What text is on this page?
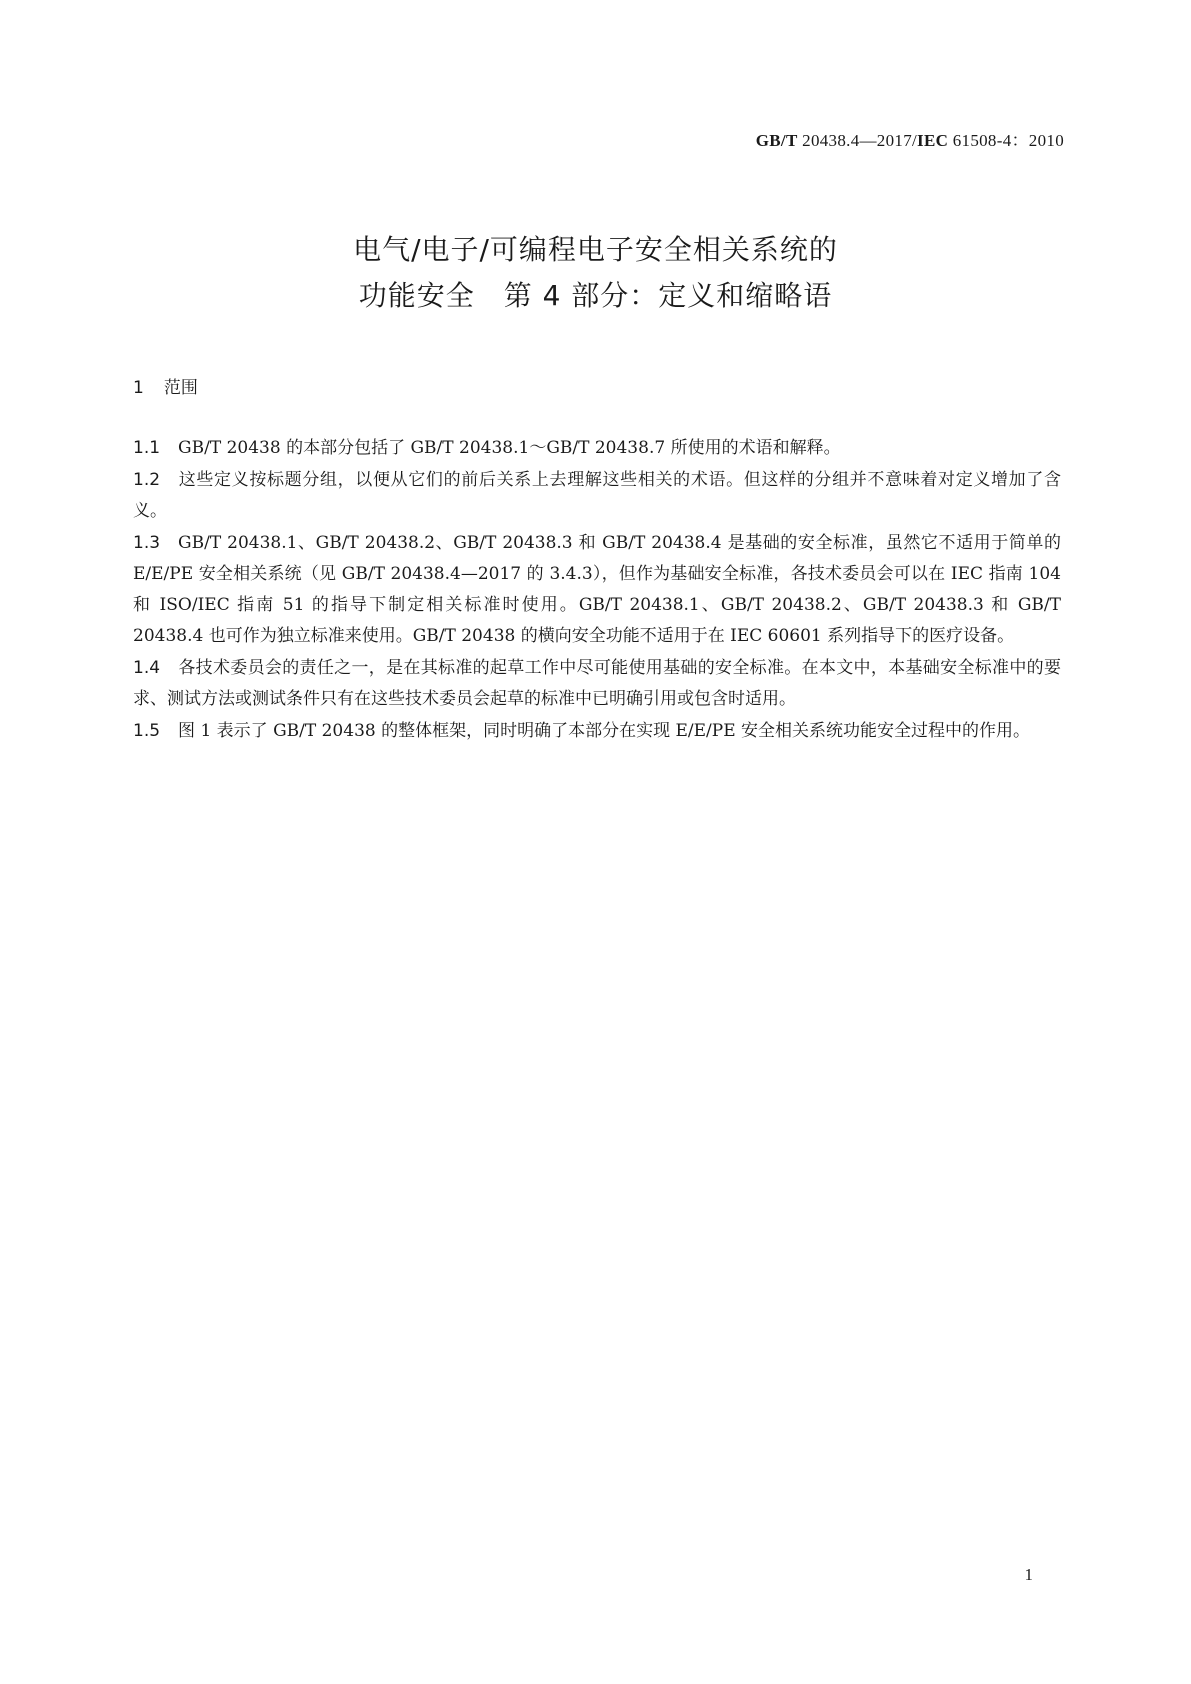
GB/T 20438.4—2017/IEC 61508-4：2010
电气/电子/可编程电子安全相关系统的
功能安全　第 4 部分：定义和缩略语
1 范围

1.1 GB/T 20438 的本部分包括了 GB/T 20438.1～GB/T 20438.7 所使用的术语和解释。

1.2 这些定义按标题分组，以便从它们的前后关系上去理解这些相关的术语。但这样的分组并不意味着对定义增加了含义。

1.3 GB/T 20438.1、GB/T 20438.2、GB/T 20438.3 和 GB/T 20438.4 是基础的安全标准，虽然它不适用于简单的 E/E/PE 安全相关系统（见 GB/T 20438.4—2017 的 3.4.3），但作为基础安全标准，各技术委员会可以在 IEC 指南 104 和 ISO/IEC 指南 51 的指导下制定相关标准时使用。GB/T 20438.1、GB/T 20438.2、GB/T 20438.3 和 GB/T 20438.4 也可作为独立标准来使用。GB/T 20438 的横向安全功能不适用于在 IEC 60601 系列指导下的医疗设备。

1.4 各技术委员会的责任之一，是在其标准的起草工作中尽可能使用基础的安全标准。在本文中，本基础安全标准中的要求、测试方法或测试条件只有在这些技术委员会起草的标准中已明确引用或包含时适用。

1.5 图 1 表示了 GB/T 20438 的整体框架，同时明确了本部分在实现 E/E/PE 安全相关系统功能安全过程中的作用。

1
